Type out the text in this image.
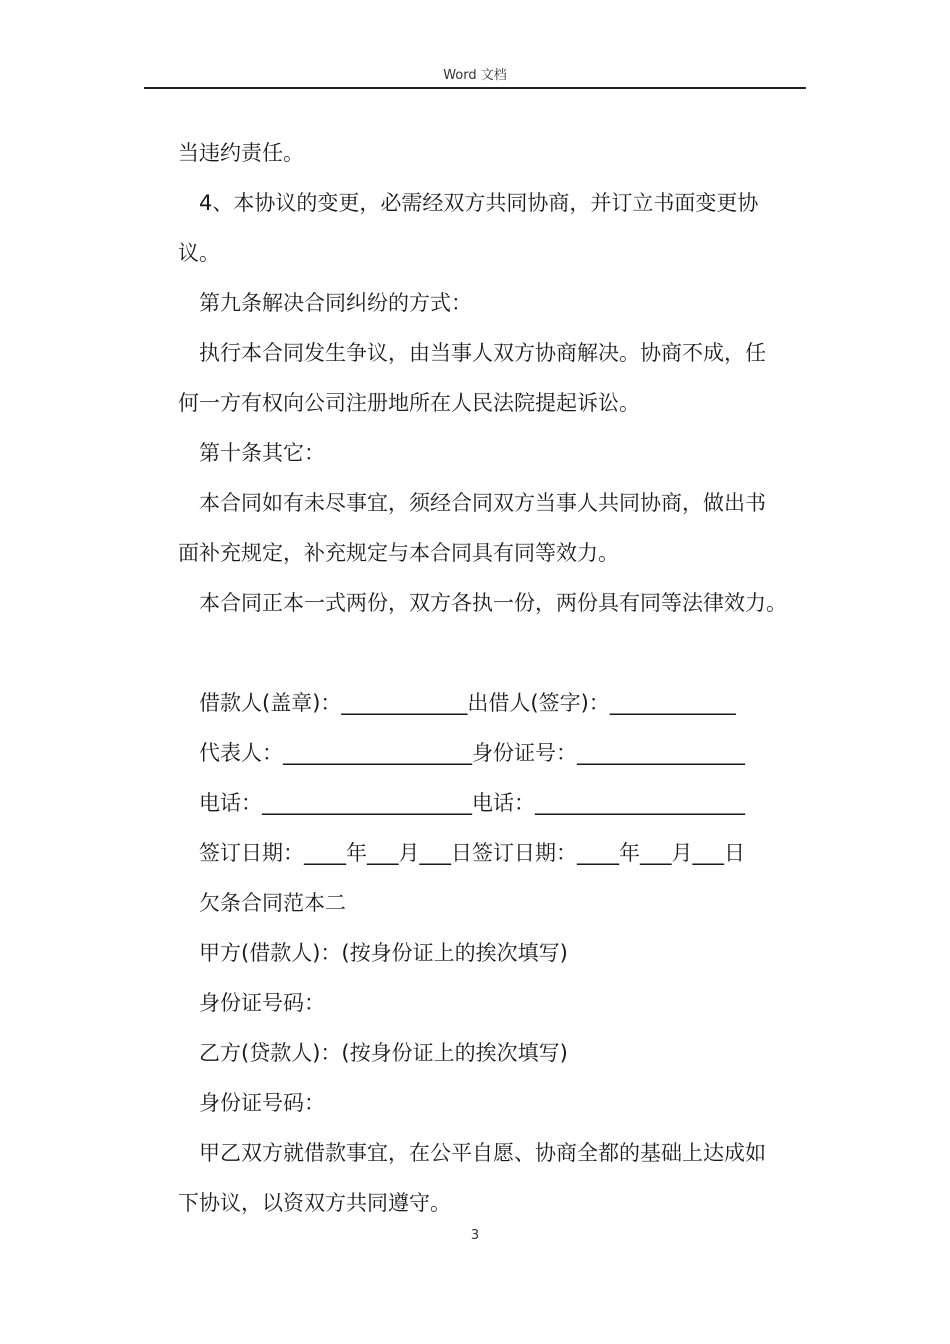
Word 文档
当违约责任。
4、本协议的变更，必需经双方共同协商，并订立书面变更协
议。
第九条解决合同纠纷的方式：
执行本合同发生争议，由当事人双方协商解决。协商不成，任
何一方有权向公司注册地所在人民法院提起诉讼。
第十条其它：
本合同如有未尽事宜，须经合同双方当事人共同协商，做出书
面补充规定，补充规定与本合同具有同等效力。
本合同正本一式两份，双方各执一份，两份具有同等法律效力。
借款人(盖章)：____________出借人(签字)：____________
代表人：__________________身份证号：________________
电话：____________________电话：____________________
签订日期：____年___月___日签订日期：____年___月___日
欠条合同范本二
甲方(借款人)：(按身份证上的挨次填写)
身份证号码：
乙方(贷款人)：(按身份证上的挨次填写)
身份证号码：
甲乙双方就借款事宜，在公平自愿、协商全都的基础上达成如
下协议，以资双方共同遵守。
3
